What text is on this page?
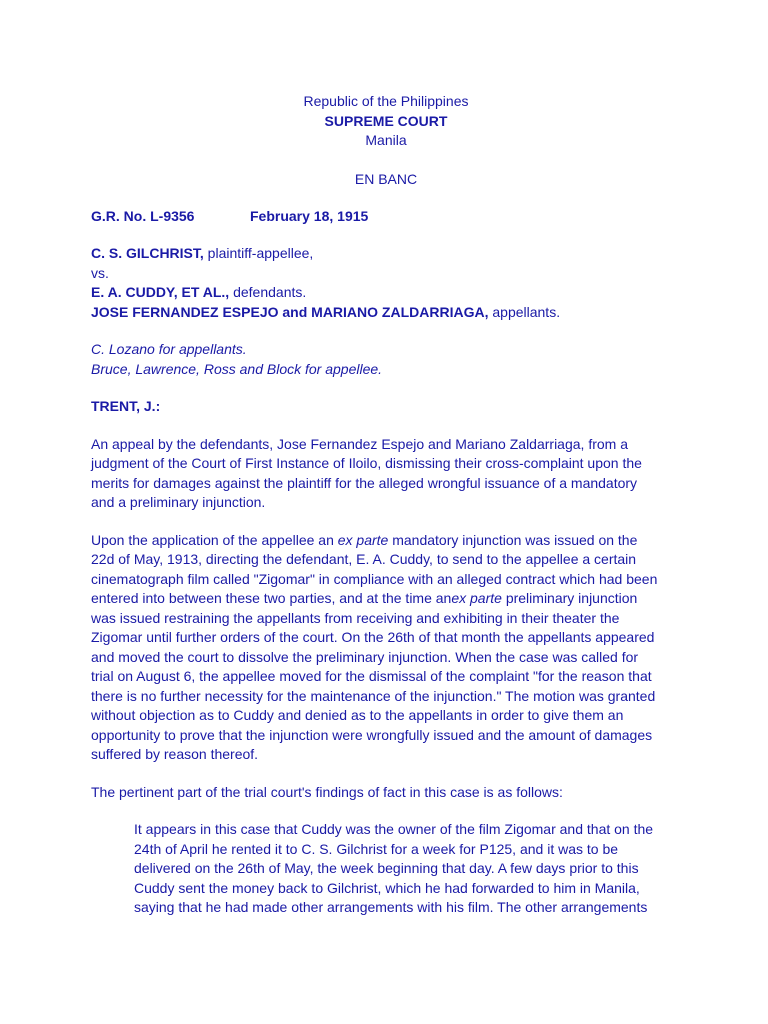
Republic of the Philippines
SUPREME COURT
Manila
EN BANC
G.R. No. L-9356	February 18, 1915
C. S. GILCHRIST, plaintiff-appellee,
vs.
E. A. CUDDY, ET AL., defendants.
JOSE FERNANDEZ ESPEJO and MARIANO ZALDARRIAGA, appellants.
C. Lozano for appellants.
Bruce, Lawrence, Ross and Block for appellee.
TRENT, J.:

An appeal by the defendants, Jose Fernandez Espejo and Mariano Zaldarriaga, from a
judgment of the Court of First Instance of Iloilo, dismissing their cross-complaint upon the
merits for damages against the plaintiff for the alleged wrongful issuance of a mandatory
and a preliminary injunction.

Upon the application of the appellee an ex parte mandatory injunction was issued on the
22d of May, 1913, directing the defendant, E. A. Cuddy, to send to the appellee a certain
cinematograph film called "Zigomar" in compliance with an alleged contract which had been
entered into between these two parties, and at the time anex parte preliminary injunction
was issued restraining the appellants from receiving and exhibiting in their theater the
Zigomar until further orders of the court. On the 26th of that month the appellants appeared
and moved the court to dissolve the preliminary injunction. When the case was called for
trial on August 6, the appellee moved for the dismissal of the complaint "for the reason that
there is no further necessity for the maintenance of the injunction." The motion was granted
without objection as to Cuddy and denied as to the appellants in order to give them an
opportunity to prove that the injunction were wrongfully issued and the amount of damages
suffered by reason thereof.

The pertinent part of the trial court's findings of fact in this case is as follows:

It appears in this case that Cuddy was the owner of the film Zigomar and that on the
24th of April he rented it to C. S. Gilchrist for a week for P125, and it was to be
delivered on the 26th of May, the week beginning that day. A few days prior to this
Cuddy sent the money back to Gilchrist, which he had forwarded to him in Manila,
saying that he had made other arrangements with his film. The other arrangements
